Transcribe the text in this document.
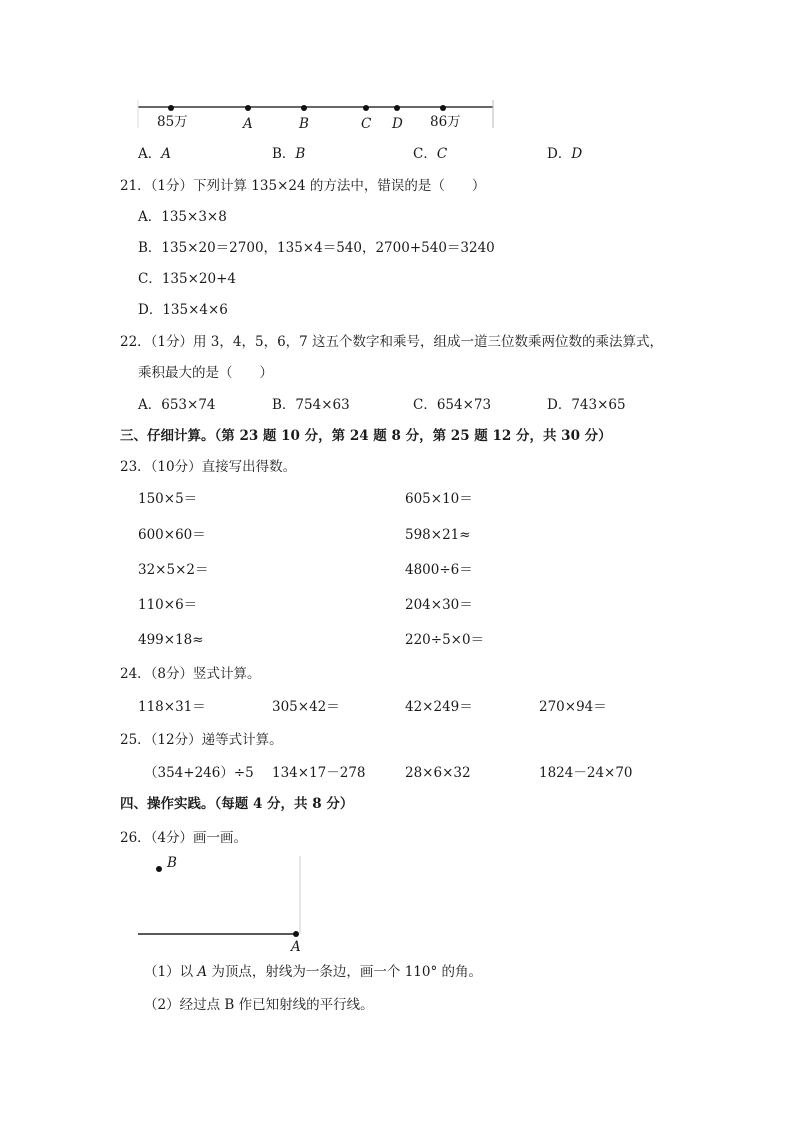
85万	A	B	C D 86万
A．A	B．B	C．C	D．D
21．（1分）下列计算 135×24 的方法中，错误的是（　　）
A．135×3×8
B．135×20＝2700，135×4＝540，2700+540＝3240
C．135×20+4
D．135×4×6
22．（1分）用 3，4，5，6，7 这五个数字和乘号，组成一道三位数乘两位数的乘法算式，
乘积最大的是（　　）
A．653×74	B．754×63	C．654×73	D．743×65
三、仔细计算。（第 23 题 10 分，第 24 题 8 分，第 25 题 12 分，共 30 分）
23．（10分）直接写出得数。
150×5＝	605×10＝
600×60＝	598×21≈
32×5×2＝	4800÷6＝
110×6＝	204×30＝
499×18≈	220÷5×0＝
24．（8分）竖式计算。
118×31＝	305×42＝	42×249＝	270×94＝
25．（12分）递等式计算。
（354+246）÷5 134×17－278	28×6×32	1824－24×70
四、操作实践。（每题 4 分，共 8 分）
26．（4分）画一画。
B
A
（1）以 A 为顶点，射线为一条边，画一个 110° 的角。
（2）经过点 B 作已知射线的平行线。
